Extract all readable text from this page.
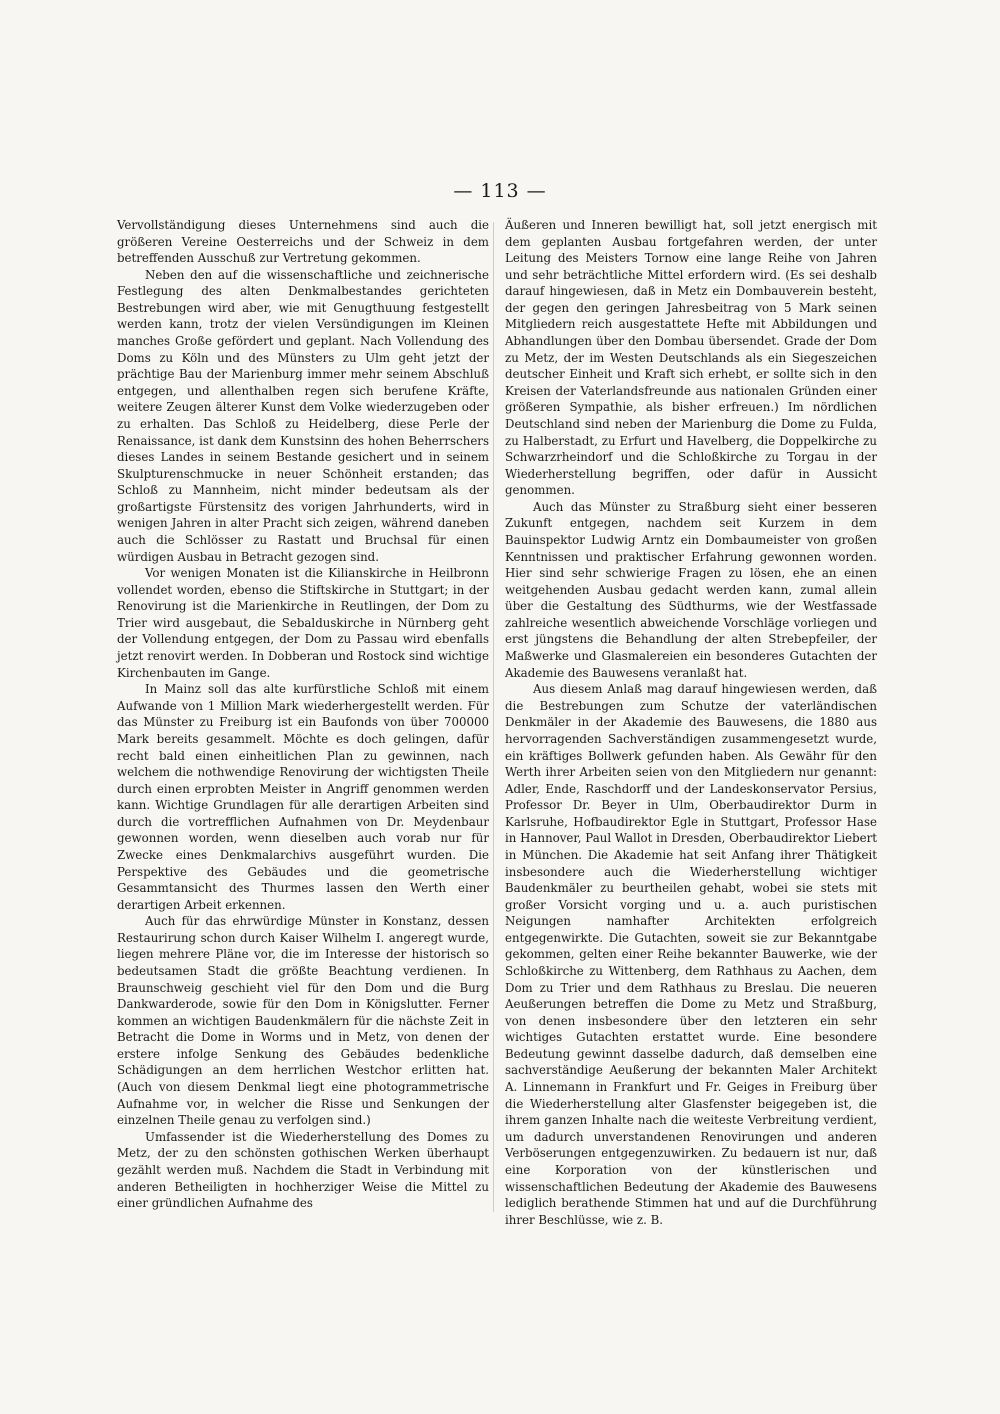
— 113 —

Vervollständigung dieses Unternehmens sind auch die größeren Vereine Oesterreichs und der Schweiz in dem betreffenden Ausschuß zur Vertretung gekommen.

Neben den auf die wissenschaftliche und zeichnerische Festlegung des alten Denkmalbestandes gerichteten Bestrebungen wird aber, wie mit Genugthuung festgestellt werden kann, trotz der vielen Versündigungen im Kleinen manches Große gefördert und geplant. Nach Vollendung des Doms zu Köln und des Münsters zu Ulm geht jetzt der prächtige Bau der Marienburg immer mehr seinem Abschluß entgegen, und allenthalben regen sich berufene Kräfte, weitere Zeugen älterer Kunst dem Volke wiederzugeben oder zu erhalten. Das Schloß zu Heidelberg, diese Perle der Renaissance, ist dank dem Kunstsinn des hohen Beherrschers dieses Landes in seinem Bestande gesichert und in seinem Skulpturenschmucke in neuer Schönheit erstanden; das Schloß zu Mannheim, nicht minder bedeutsam als der großartigste Fürstensitz des vorigen Jahrhunderts, wird in wenigen Jahren in alter Pracht sich zeigen, während daneben auch die Schlösser zu Rastatt und Bruchsal für einen würdigen Ausbau in Betracht gezogen sind.

Vor wenigen Monaten ist die Kilianskirche in Heilbronn vollendet worden, ebenso die Stiftskirche in Stuttgart; in der Renovirung ist die Marienkirche in Reutlingen, der Dom zu Trier wird ausgebaut, die Sebalduskirche in Nürnberg geht der Vollendung entgegen, der Dom zu Passau wird ebenfalls jetzt renovirt werden. In Dobberan und Rostock sind wichtige Kirchenbauten im Gange.

In Mainz soll das alte kurfürstliche Schloß mit einem Aufwande von 1 Million Mark wiederhergestellt werden. Für das Münster zu Freiburg ist ein Baufonds von über 700000 Mark bereits gesammelt. Möchte es doch gelingen, dafür recht bald einen einheitlichen Plan zu gewinnen, nach welchem die nothwendige Renovirung der wichtigsten Theile durch einen erprobten Meister in Angriff genommen werden kann. Wichtige Grundlagen für alle derartigen Arbeiten sind durch die vortrefflichen Aufnahmen von Dr. Meydenbaur gewonnen worden, wenn dieselben auch vorab nur für Zwecke eines Denkmalarchivs ausgeführt wurden. Die Perspektive des Gebäudes und die geometrische Gesammtansicht des Thurmes lassen den Werth einer derartigen Arbeit erkennen.

Auch für das ehrwürdige Münster in Konstanz, dessen Restaurirung schon durch Kaiser Wilhelm I. angeregt wurde, liegen mehrere Pläne vor, die im Interesse der historisch so bedeutsamen Stadt die größte Beachtung verdienen. In Braunschweig geschieht viel für den Dom und die Burg Dankwarderode, sowie für den Dom in Königslutter. Ferner kommen an wichtigen Baudenkmälern für die nächste Zeit in Betracht die Dome in Worms und in Metz, von denen der erstere infolge Senkung des Gebäudes bedenkliche Schädigungen an dem herrlichen Westchor erlitten hat. (Auch von diesem Denkmal liegt eine photogrammetrische Aufnahme vor, in welcher die Risse und Senkungen der einzelnen Theile genau zu verfolgen sind.)

Umfassender ist die Wiederherstellung des Domes zu Metz, der zu den schönsten gothischen Werken überhaupt gezählt werden muß. Nachdem die Stadt in Verbindung mit anderen Betheiligten in hochherziger Weise die Mittel zu einer gründlichen Aufnahme des

Äußeren und Inneren bewilligt hat, soll jetzt energisch mit dem geplanten Ausbau fortgefahren werden, der unter Leitung des Meisters Tornow eine lange Reihe von Jahren und sehr beträchtliche Mittel erfordern wird. (Es sei deshalb darauf hingewiesen, daß in Metz ein Dombauverein besteht, der gegen den geringen Jahresbeitrag von 5 Mark seinen Mitgliedern reich ausgestattete Hefte mit Abbildungen und Abhandlungen über den Dombau übersendet. Grade der Dom zu Metz, der im Westen Deutschlands als ein Siegeszeichen deutscher Einheit und Kraft sich erhebt, er sollte sich in den Kreisen der Vaterlandsfreunde aus nationalen Gründen einer größeren Sympathie, als bisher erfreuen.) Im nördlichen Deutschland sind neben der Marienburg die Dome zu Fulda, zu Halberstadt, zu Erfurt und Havelberg, die Doppelkirche zu Schwarzrheindorf und die Schloßkirche zu Torgau in der Wiederherstellung begriffen, oder dafür in Aussicht genommen.

Auch das Münster zu Straßburg sieht einer besseren Zukunft entgegen, nachdem seit Kurzem in dem Bauinspektor Ludwig Arntz ein Dombaumeister von großen Kenntnissen und praktischer Erfahrung gewonnen worden. Hier sind sehr schwierige Fragen zu lösen, ehe an einen weitgehenden Ausbau gedacht werden kann, zumal allein über die Gestaltung des Südthurms, wie der Westfassade zahlreiche wesentlich abweichende Vorschläge vorliegen und erst jüngstens die Behandlung der alten Strebepfeiler, der Maßwerke und Glasmalereien ein besonderes Gutachten der Akademie des Bauwesens veranlaßt hat.

Aus diesem Anlaß mag darauf hingewiesen werden, daß die Bestrebungen zum Schutze der vaterländischen Denkmäler in der Akademie des Bauwesens, die 1880 aus hervorragenden Sachverständigen zusammengesetzt wurde, ein kräftiges Bollwerk gefunden haben. Als Gewähr für den Werth ihrer Arbeiten seien von den Mitgliedern nur genannt: Adler, Ende, Raschdorff und der Landeskonservator Persius, Professor Dr. Beyer in Ulm, Oberbaudirektor Durm in Karlsruhe, Hofbaudirektor Egle in Stuttgart, Professor Hase in Hannover, Paul Wallot in Dresden, Oberbaudirektor Liebert in München. Die Akademie hat seit Anfang ihrer Thätigkeit insbesondere auch die Wiederherstellung wichtiger Baudenkmäler zu beurtheilen gehabt, wobei sie stets mit großer Vorsicht vorging und u. a. auch puristischen Neigungen namhafter Architekten erfolgreich entgegenwirkte. Die Gutachten, soweit sie zur Bekanntgabe gekommen, gelten einer Reihe bekannter Bauwerke, wie der Schloßkirche zu Wittenberg, dem Rathhaus zu Aachen, dem Dom zu Trier und dem Rathhaus zu Breslau. Die neueren Aeußerungen betreffen die Dome zu Metz und Straßburg, von denen insbesondere über den letzteren ein sehr wichtiges Gutachten erstattet wurde. Eine besondere Bedeutung gewinnt dasselbe dadurch, daß demselben eine sachverständige Aeußerung der bekannten Maler Architekt A. Linnemann in Frankfurt und Fr. Geiges in Freiburg über die Wiederherstellung alter Glasfenster beigegeben ist, die ihrem ganzen Inhalte nach die weiteste Verbreitung verdient, um dadurch unverstandenen Renovirungen und anderen Verböserungen entgegenzuwirken. Zu bedauern ist nur, daß eine Korporation von der künstlerischen und wissenschaftlichen Bedeutung der Akademie des Bauwesens lediglich berathende Stimmen hat und auf die Durchführung ihrer Beschlüsse, wie z. B.
